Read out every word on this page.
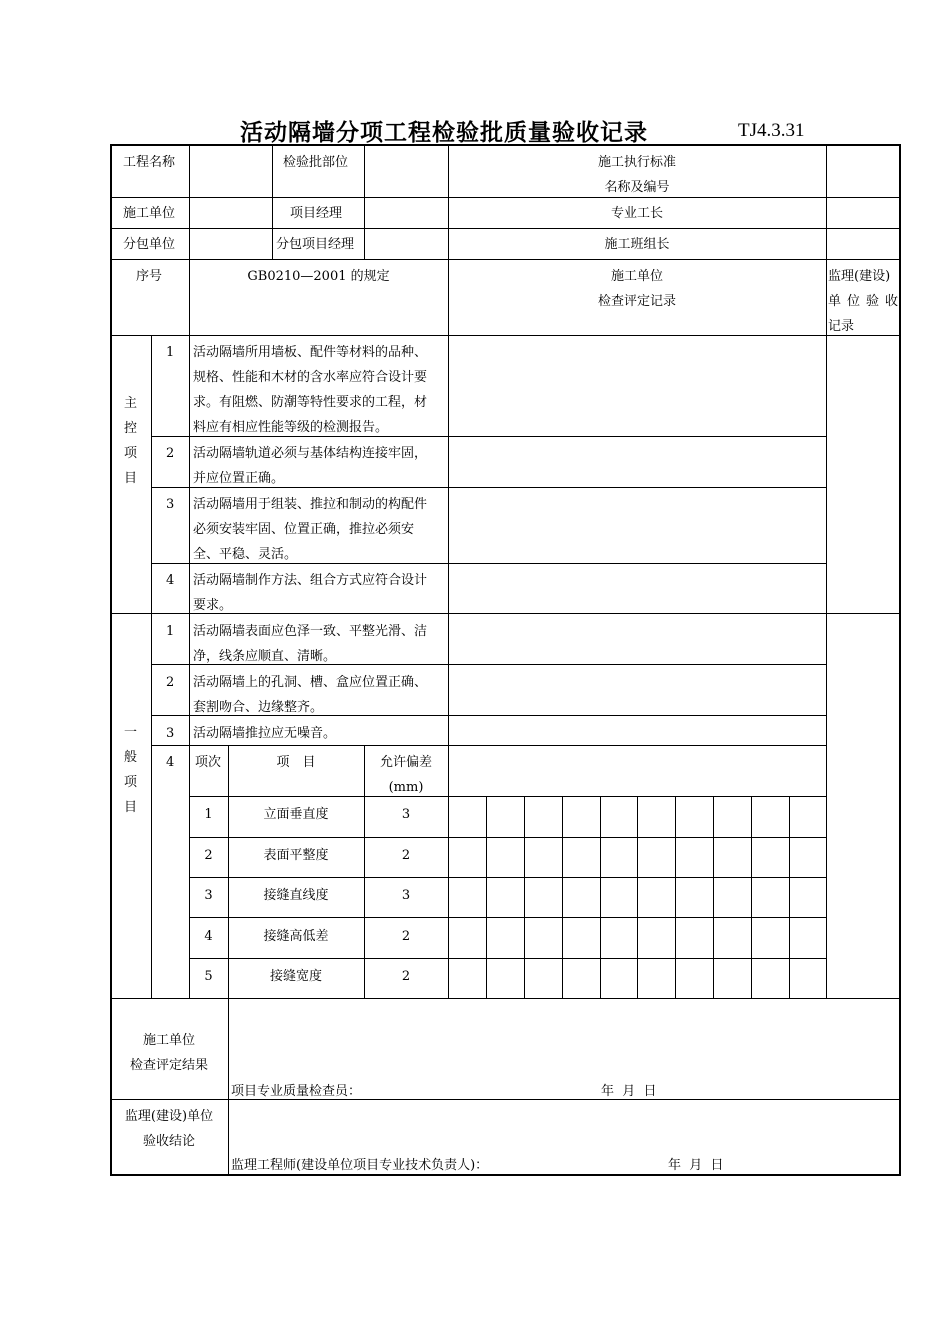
活动隔墙分项工程检验批质量验收记录	TJ4.3.31
工程名称	检验批部位	施工执行标准
名称及编号
施工单位	项目经理	专业工长
分包单位	分包项目经理	施工班组长
序号	GB0210—2001 的规定	施工单位
检查评定记录
监理(建设)
单 位 验 收
记录
主
控
项
目
1 活动隔墙所用墙板、配件等材料的品种、
规格、性能和木材的含水率应符合设计要
求。有阻燃、防潮等特性要求的工程，材
料应有相应性能等级的检测报告。
2 活动隔墙轨道必须与基体结构连接牢固，
并应位置正确。
3 活动隔墙用于组装、推拉和制动的构配件
必须安装牢固、位置正确，推拉必须安
全、平稳、灵活。
4 活动隔墙制作方法、组合方式应符合设计
要求。
一
般
项
目
1 活动隔墙表面应色泽一致、平整光滑、洁
净，线条应顺直、清晰。
2 活动隔墙上的孔洞、槽、盒应位置正确、
套割吻合、边缘整齐。
3 活动隔墙推拉应无噪音。
4 项次	项　目	允许偏差
(mm)
1	立面垂直度	3
2	表面平整度	2
3	接缝直线度	3
4	接缝高低差	2
5	接缝宽度	2
施工单位
检查评定结果
项目专业质量检查员：	年  月  日
监理(建设)单位
验收结论
监理工程师(建设单位项目专业技术负责人)：	年  月  日
